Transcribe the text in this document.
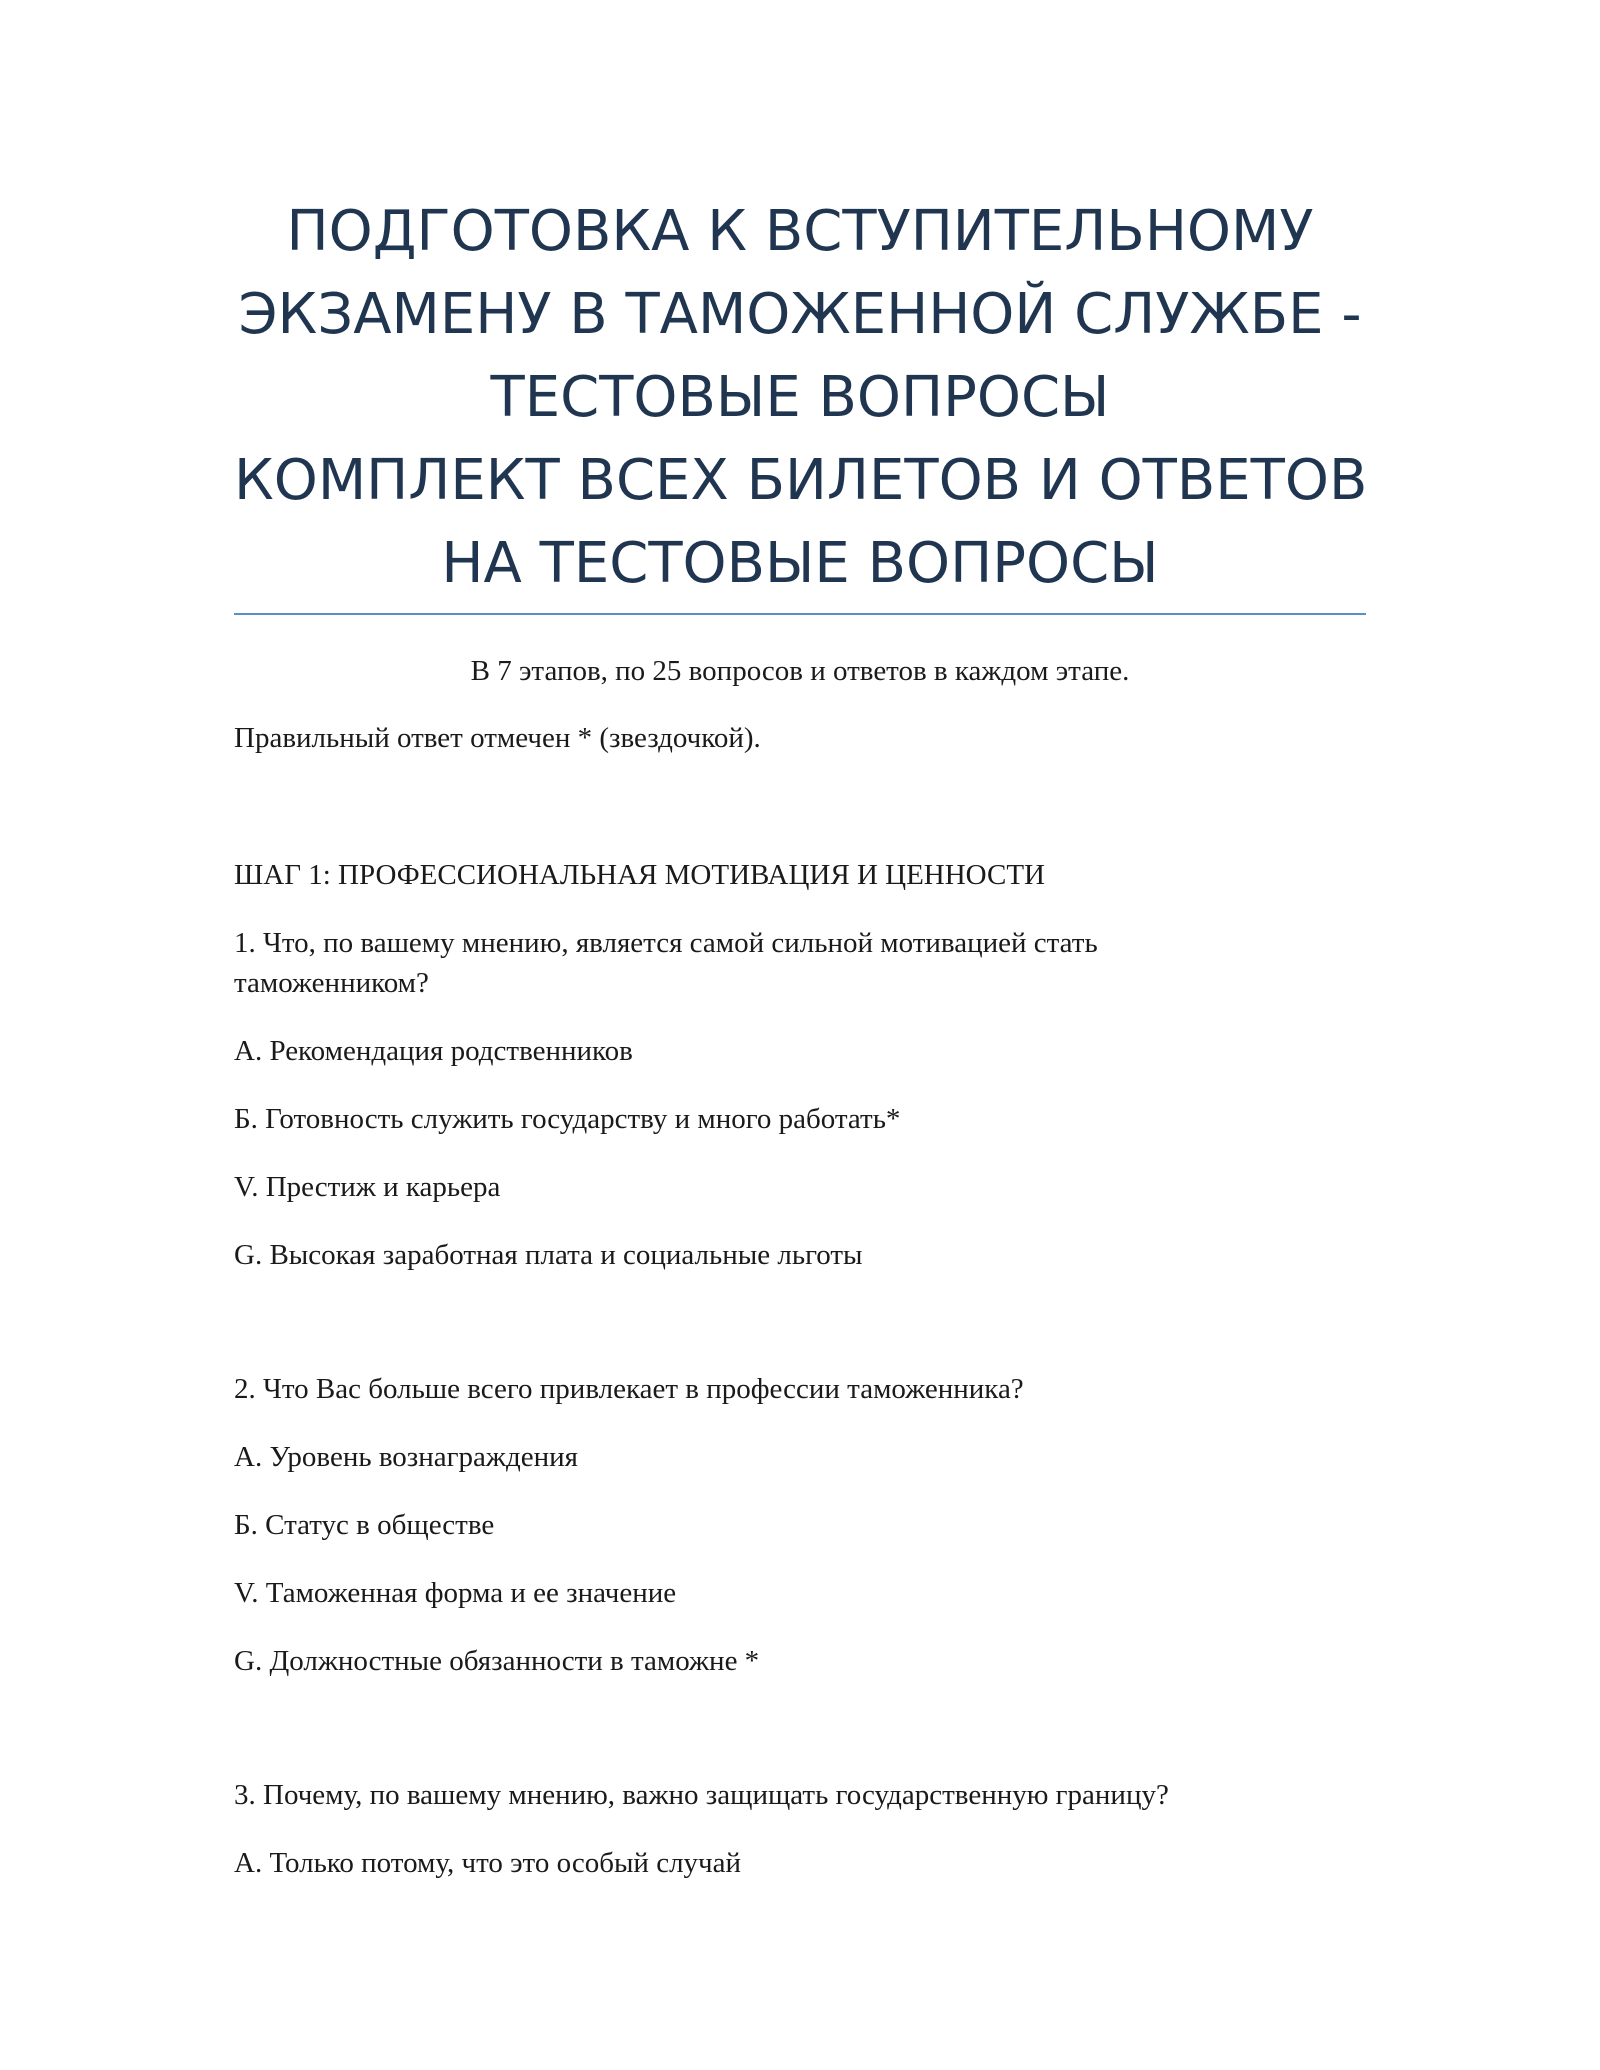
ПОДГОТОВКА К ВСТУПИТЕЛЬНОМУ
ЭКЗАМЕНУ В ТАМОЖЕННОЙ СЛУЖБЕ -
ТЕСТОВЫЕ ВОПРОСЫ
КОМПЛЕКТ ВСЕХ БИЛЕТОВ И ОТВЕТОВ
НА ТЕСТОВЫЕ ВОПРОСЫ
В 7 этапов, по 25 вопросов и ответов в каждом этапе.
Правильный ответ отмечен * (звездочкой).
ШАГ 1: ПРОФЕССИОНАЛЬНАЯ МОТИВАЦИЯ И ЦЕННОСТИ
1. Что, по вашему мнению, является самой сильной мотивацией стать
таможенником?
A. Рекомендация родственников
Б. Готовность служить государству и много работать*
V. Престиж и карьера
G. Высокая заработная плата и социальные льготы
2. Что Вас больше всего привлекает в профессии таможенника?
A. Уровень вознаграждения
Б. Статус в обществе
V. Таможенная форма и ее значение
G. Должностные обязанности в таможне *
3. Почему, по вашему мнению, важно защищать государственную границу?
A. Только потому, что это особый случай
